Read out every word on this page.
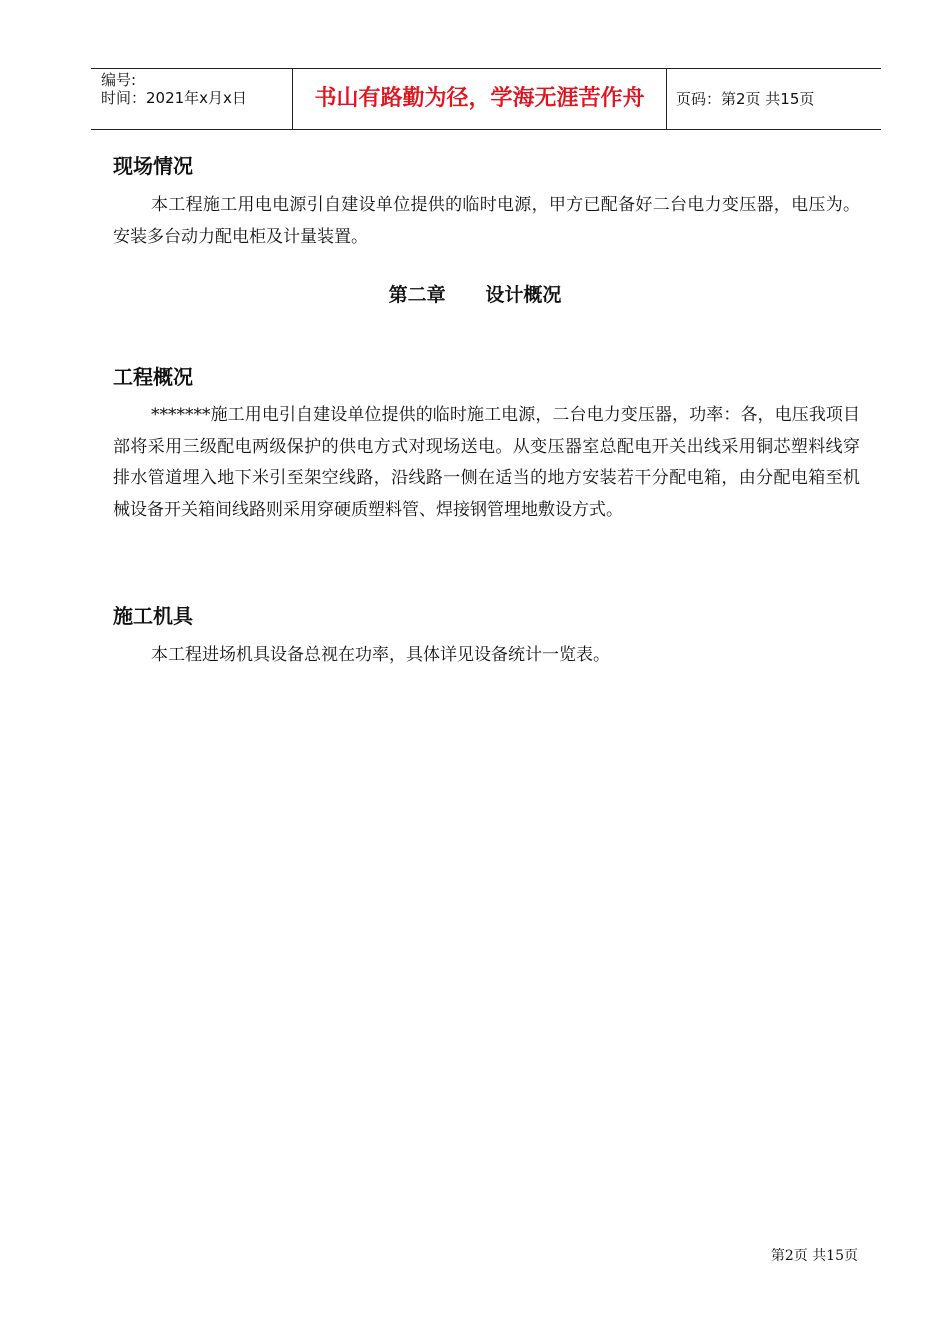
编号:
时间：2021年x月x日	书山有路勤为径，学海无涯苦作舟	页码：第2页 共15页
现场情况
本工程施工用电电源引自建设单位提供的临时电源，甲方已配备好二台电力变压器，电压为。安装多台动力配电柜及计量装置。
第二章      设计概况
工程概况
*******施工用电引自建设单位提供的临时施工电源，二台电力变压器，功率：各，电压我项目部将采用三级配电两级保护的供电方式对现场送电。从变压器室总配电开关出线采用铜芯塑料线穿排水管道埋入地下米引至架空线路，沿线路一侧在适当的地方安装若干分配电箱，由分配电箱至机械设备开关箱间线路则采用穿硬质塑料管、焊接钢管埋地敷设方式。
施工机具
本工程进场机具设备总视在功率，具体详见设备统计一览表。
第2页 共15页
